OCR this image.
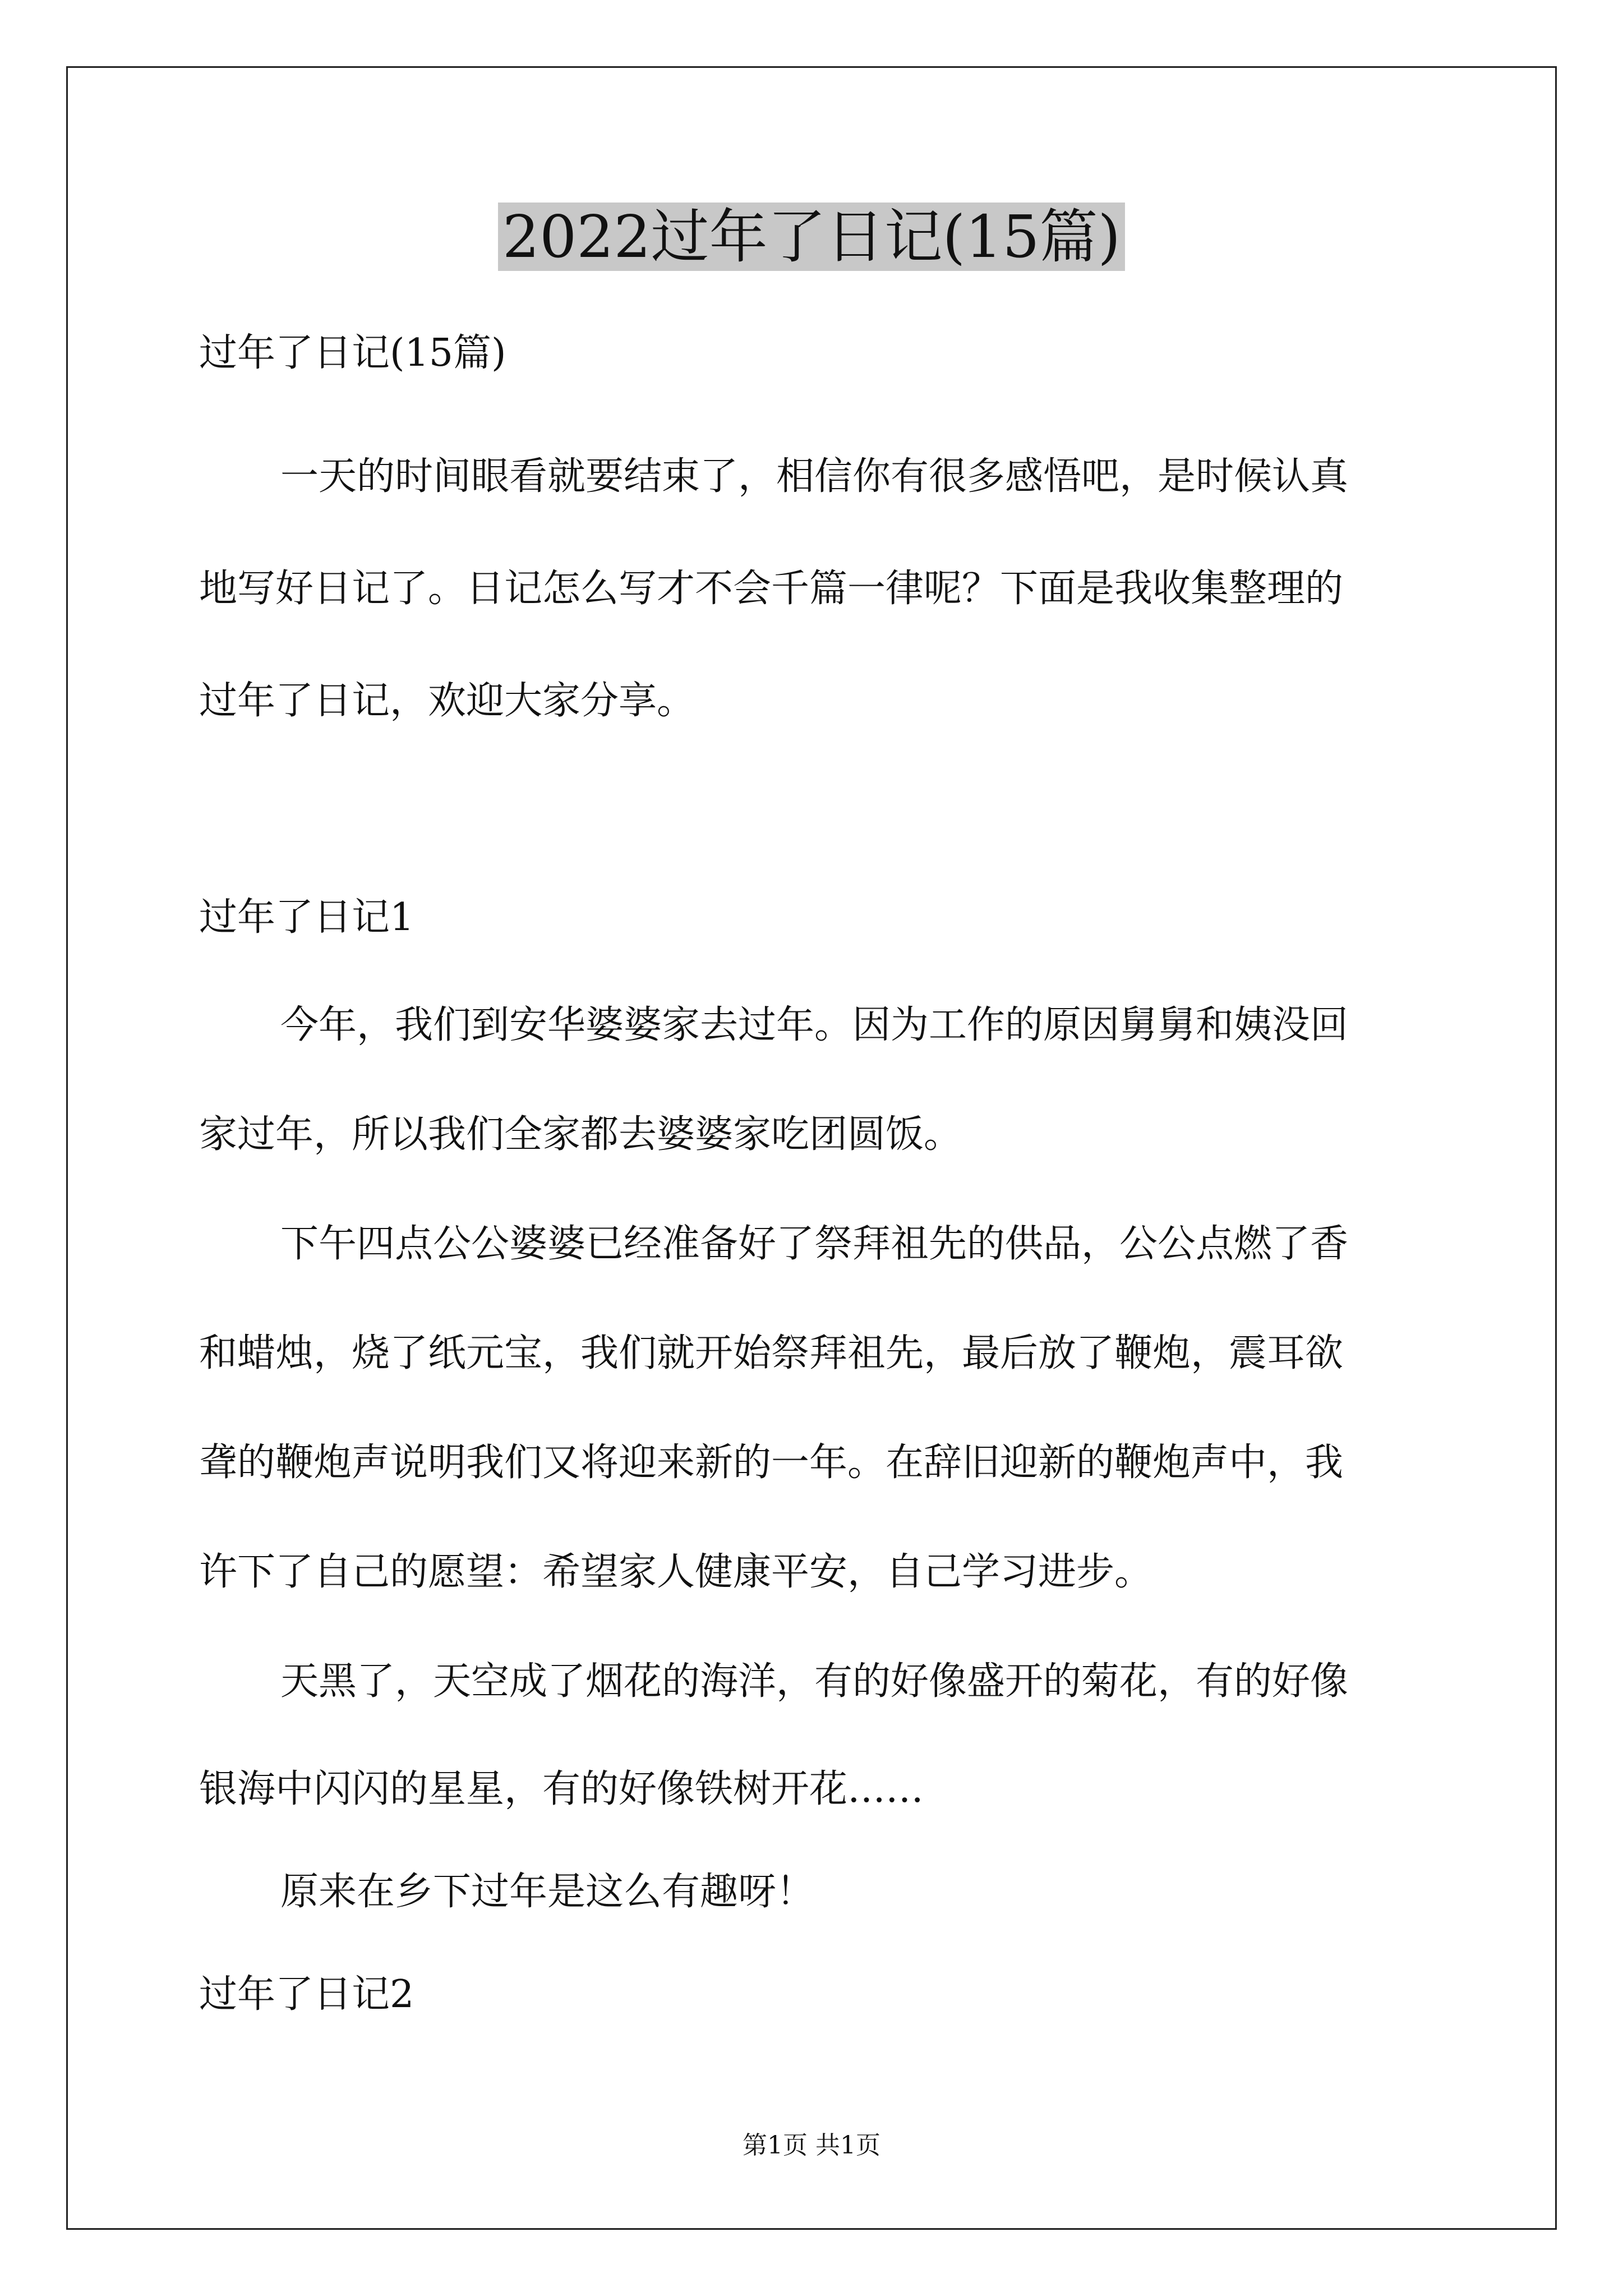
2022过年了日记(15篇)
过年了日记(15篇)
一天的时间眼看就要结束了，相信你有很多感悟吧，是时候认真
地写好日记了。日记怎么写才不会千篇一律呢？下面是我收集整理的
过年了日记，欢迎大家分享。
过年了日记1
今年，我们到安华婆婆家去过年。因为工作的原因舅舅和姨没回
家过年，所以我们全家都去婆婆家吃团圆饭。
下午四点公公婆婆已经准备好了祭拜祖先的供品，公公点燃了香
和蜡烛，烧了纸元宝，我们就开始祭拜祖先，最后放了鞭炮，震耳欲
聋的鞭炮声说明我们又将迎来新的一年。在辞旧迎新的鞭炮声中，我
许下了自己的愿望：希望家人健康平安，自己学习进步。
天黑了，天空成了烟花的海洋，有的好像盛开的菊花，有的好像
银海中闪闪的星星，有的好像铁树开花……
原来在乡下过年是这么有趣呀！
过年了日记2
第1页 共1页
